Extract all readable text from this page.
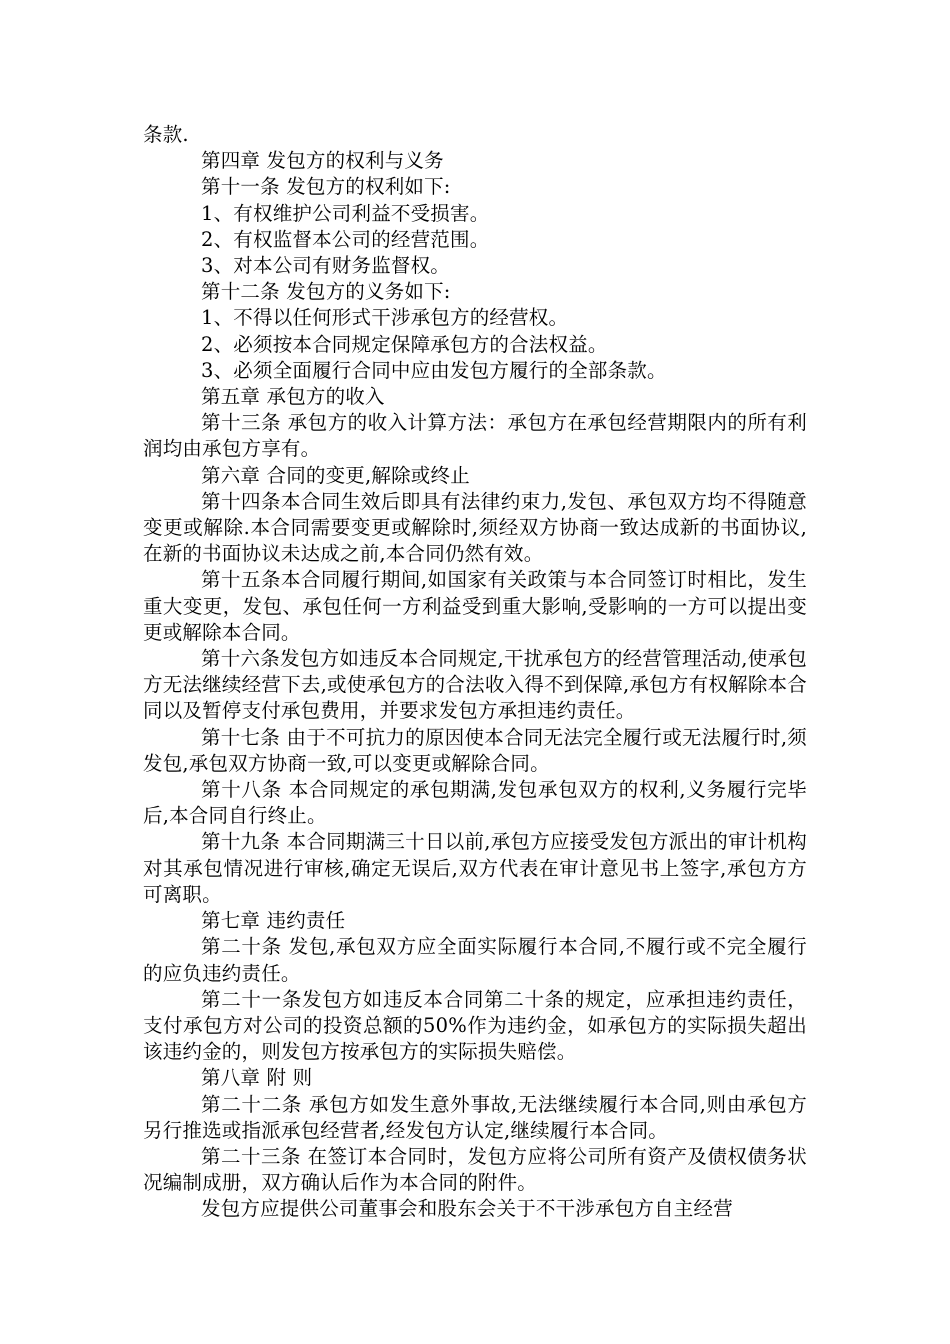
条款.

第四章 发包方的权利与义务

第十一条 发包方的权利如下:

1、有权维护公司利益不受损害。

2、有权监督本公司的经营范围。

3、对本公司有财务监督权。

第十二条 发包方的义务如下:

1、不得以任何形式干涉承包方的经营权。

2、必须按本合同规定保障承包方的合法权益。

3、必须全面履行合同中应由发包方履行的全部条款。

第五章 承包方的收入

第十三条 承包方的收入计算方法：承包方在承包经营期限内的所有利润均由承包方享有。

第六章 合同的变更,解除或终止

第十四条本合同生效后即具有法律约束力,发包、承包双方均不得随意变更或解除.本合同需要变更或解除时,须经双方协商一致达成新的书面协议,在新的书面协议未达成之前,本合同仍然有效。

第十五条本合同履行期间,如国家有关政策与本合同签订时相比，发生重大变更，发包、承包任何一方利益受到重大影响,受影响的一方可以提出变更或解除本合同。

第十六条发包方如违反本合同规定,干扰承包方的经营管理活动,使承包方无法继续经营下去,或使承包方的合法收入得不到保障,承包方有权解除本合同以及暂停支付承包费用，并要求发包方承担违约责任。

第十七条 由于不可抗力的原因使本合同无法完全履行或无法履行时,须发包,承包双方协商一致,可以变更或解除合同。

第十八条 本合同规定的承包期满,发包承包双方的权利,义务履行完毕后,本合同自行终止。

第十九条 本合同期满三十日以前,承包方应接受发包方派出的审计机构对其承包情况进行审核,确定无误后,双方代表在审计意见书上签字,承包方方可离职。

第七章 违约责任

第二十条 发包,承包双方应全面实际履行本合同,不履行或不完全履行的应负违约责任。

第二十一条发包方如违反本合同第二十条的规定，应承担违约责任，支付承包方对公司的投资总额的50%作为违约金，如承包方的实际损失超出该违约金的，则发包方按承包方的实际损失赔偿。

第八章 附 则

第二十二条 承包方如发生意外事故,无法继续履行本合同,则由承包方另行推选或指派承包经营者,经发包方认定,继续履行本合同。

第二十三条 在签订本合同时，发包方应将公司所有资产及债权债务状况编制成册，双方确认后作为本合同的附件。

发包方应提供公司董事会和股东会关于不干涉承包方自主经营
